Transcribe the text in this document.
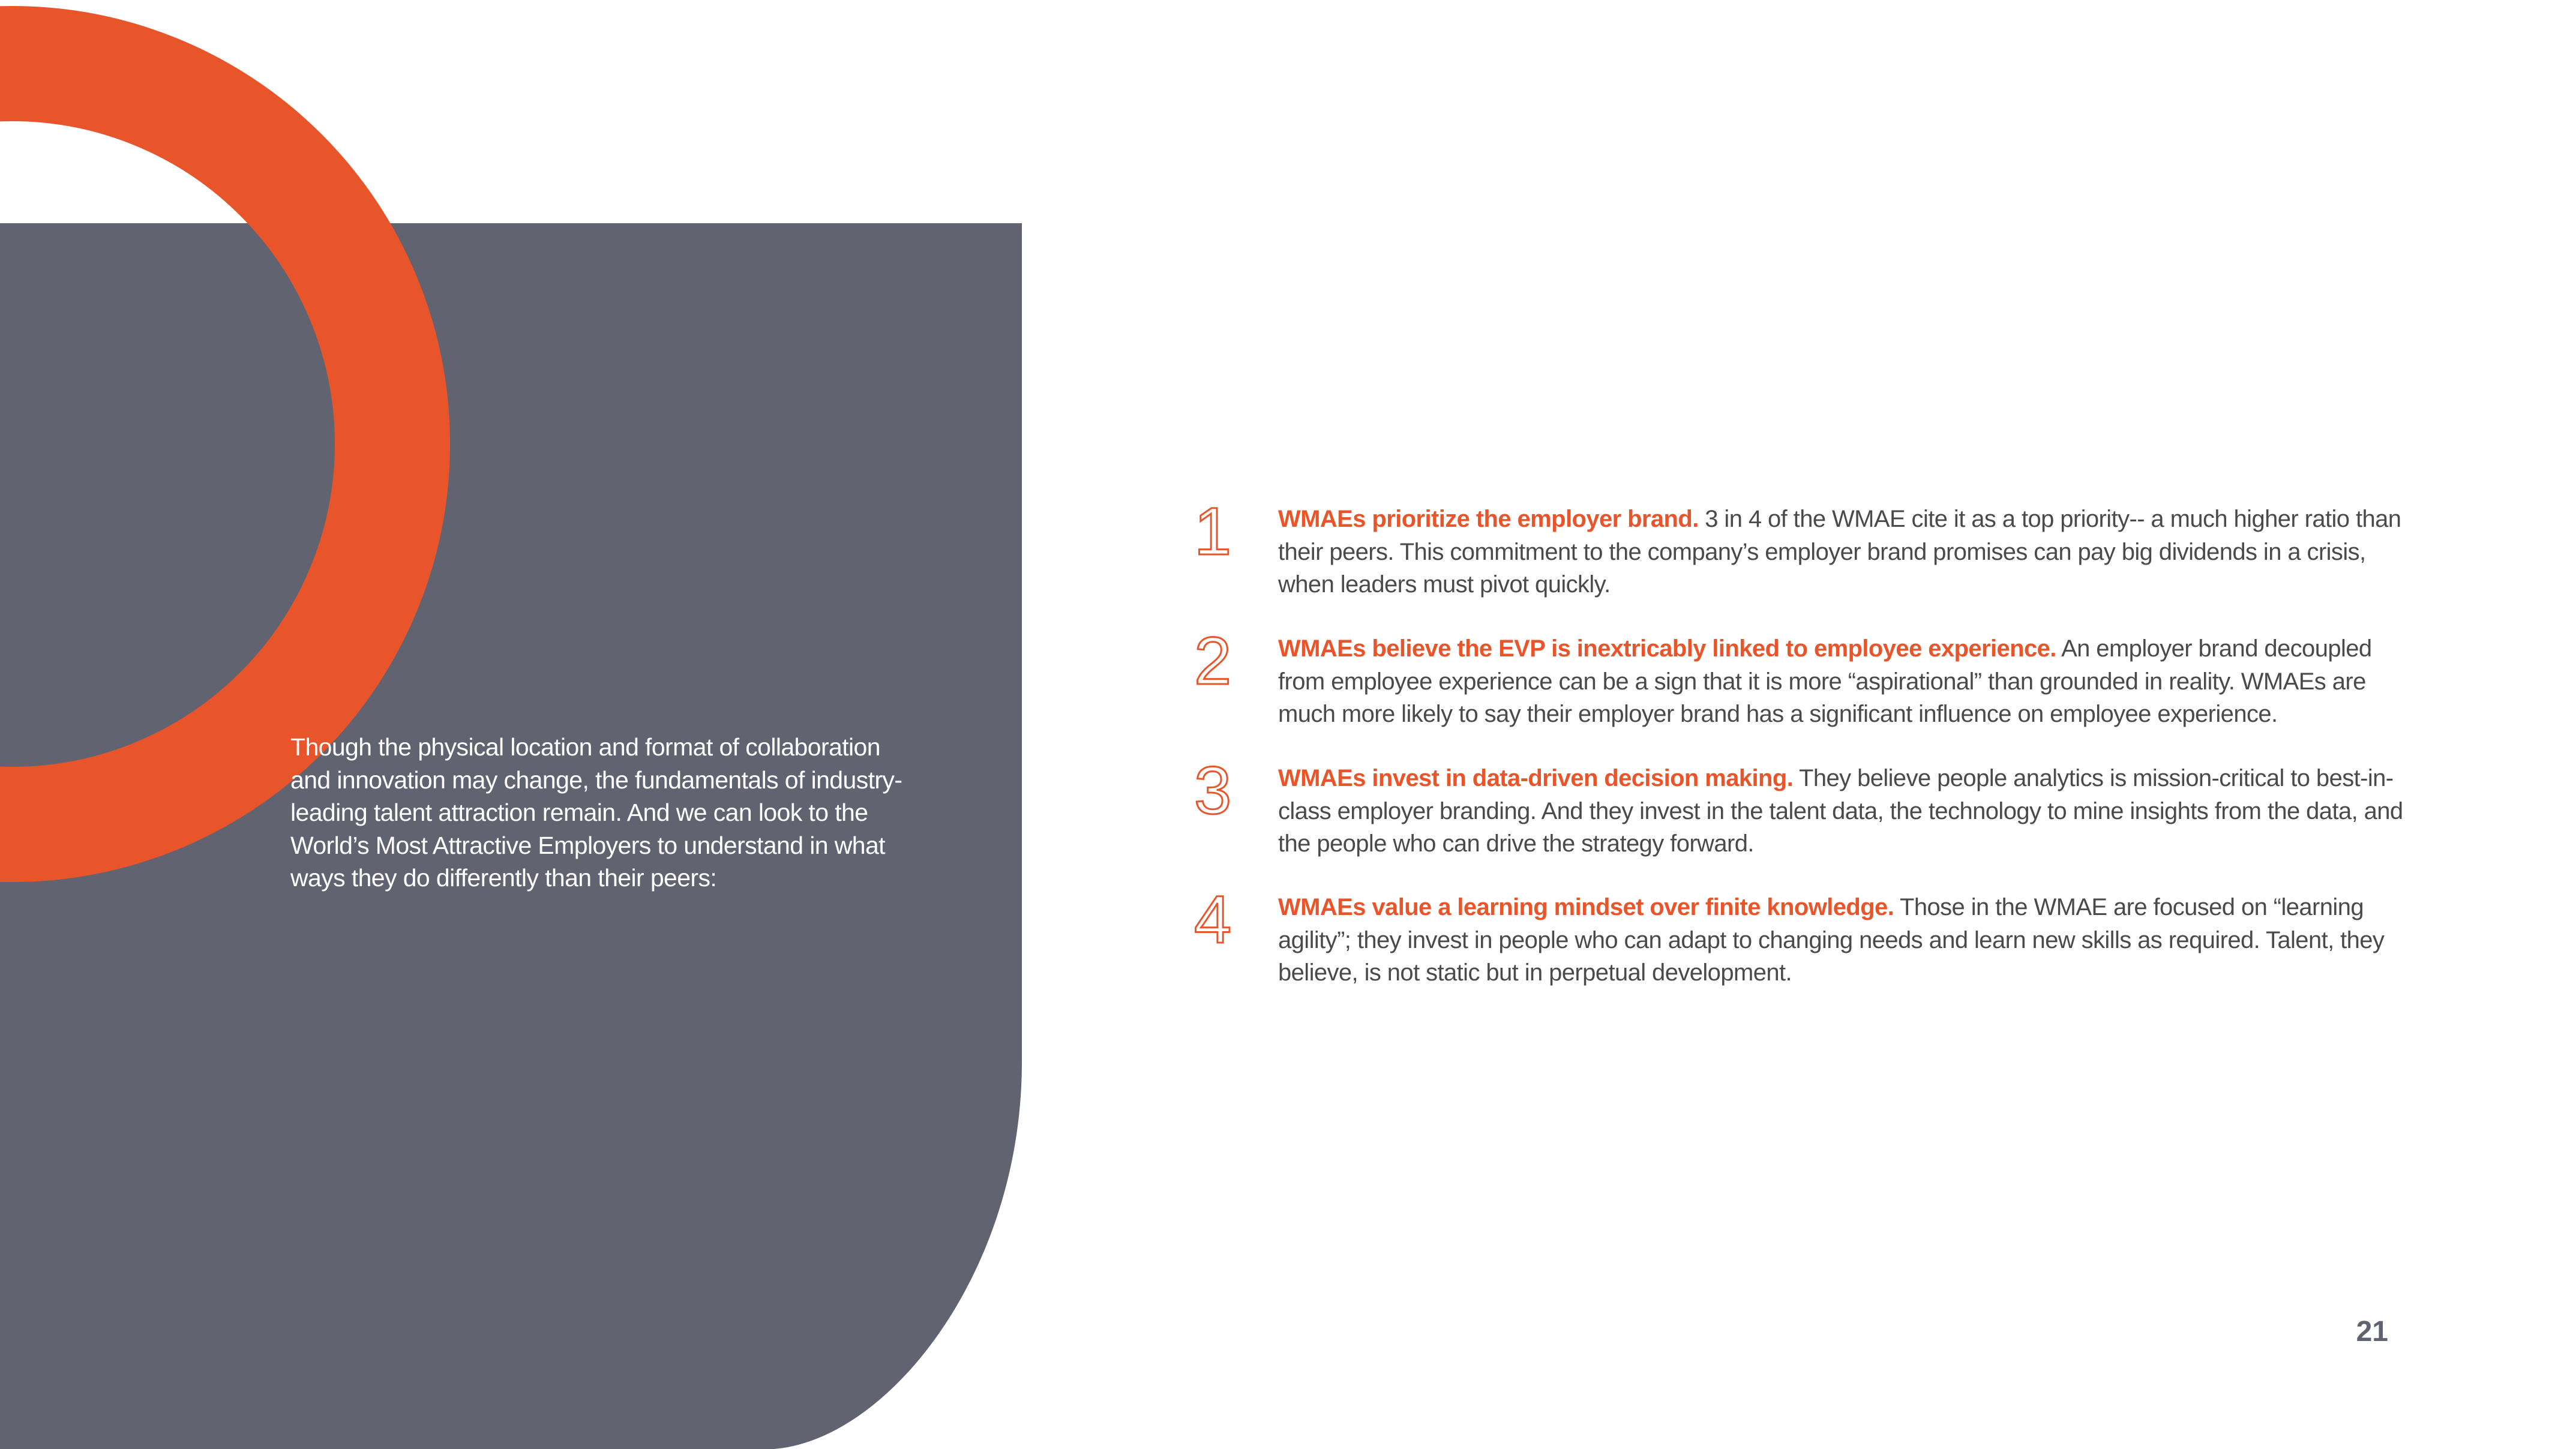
Though the physical location and format of collaboration and innovation may change, the fundamentals of industry-leading talent attraction remain. And we can look to the World’s Most Attractive Employers to understand in what ways they do differently than their peers:

1	WMAEs prioritize the employer brand. 3 in 4 of the WMAE cite it as a top priority-- a much higher ratio than their peers. This commitment to the company’s employer brand promises can pay big dividends in a crisis, when leaders must pivot quickly.

2	WMAEs believe the EVP is inextricably linked to employee experience. An employer brand decoupled from employee experience can be a sign that it is more “aspirational” than grounded in reality. WMAEs are much more likely to say their employer brand has a significant influence on employee experience.

3	WMAEs invest in data-driven decision making. They believe people analytics is mission-critical to best-in-class employer branding. And they invest in the talent data, the technology to mine insights from the data, and the people who can drive the strategy forward.

4	WMAEs value a learning mindset over finite knowledge. Those in the WMAE are focused on “learning agility”; they invest in people who can adapt to changing needs and learn new skills as required. Talent, they believe, is not static but in perpetual development.

21
